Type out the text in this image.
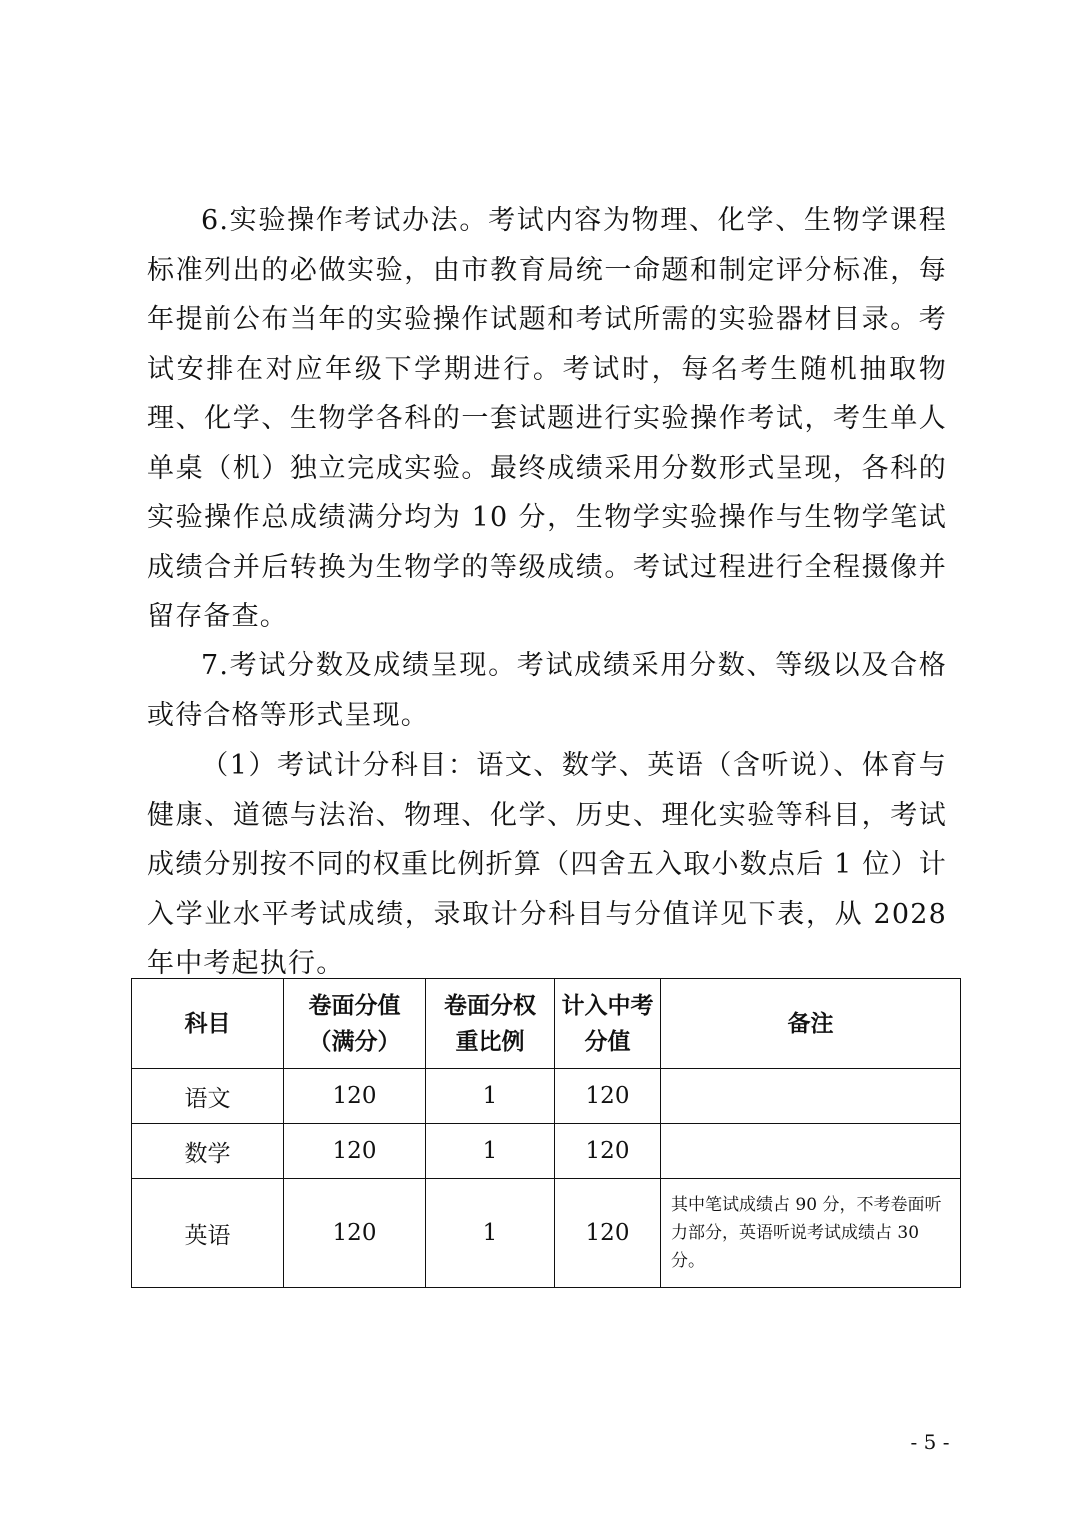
6.实验操作考试办法。考试内容为物理、化学、生物学课程标准列出的必做实验，由市教育局统一命题和制定评分标准，每年提前公布当年的实验操作试题和考试所需的实验器材目录。考试安排在对应年级下学期进行。考试时，每名考生随机抽取物理、化学、生物学各科的一套试题进行实验操作考试，考生单人单桌（机）独立完成实验。最终成绩采用分数形式呈现，各科的实验操作总成绩满分均为 10 分，生物学实验操作与生物学笔试成绩合并后转换为生物学的等级成绩。考试过程进行全程摄像并留存备查。

7.考试分数及成绩呈现。考试成绩采用分数、等级以及合格或待合格等形式呈现。

（1）考试计分科目：语文、数学、英语（含听说）、体育与健康、道德与法治、物理、化学、历史、理化实验等科目，考试成绩分别按不同的权重比例折算（四舍五入取小数点后 1 位）计入学业水平考试成绩，录取计分科目与分值详见下表，从 2028 年中考起执行。

科目	卷面分值（满分）	卷面分权重比例	计入中考分值	备注
语文	120	1	120	
数学	120	1	120	
英语	120	1	120	其中笔试成绩占 90 分，不考卷面听力部分，英语听说考试成绩占 30 分。
- 5 -
